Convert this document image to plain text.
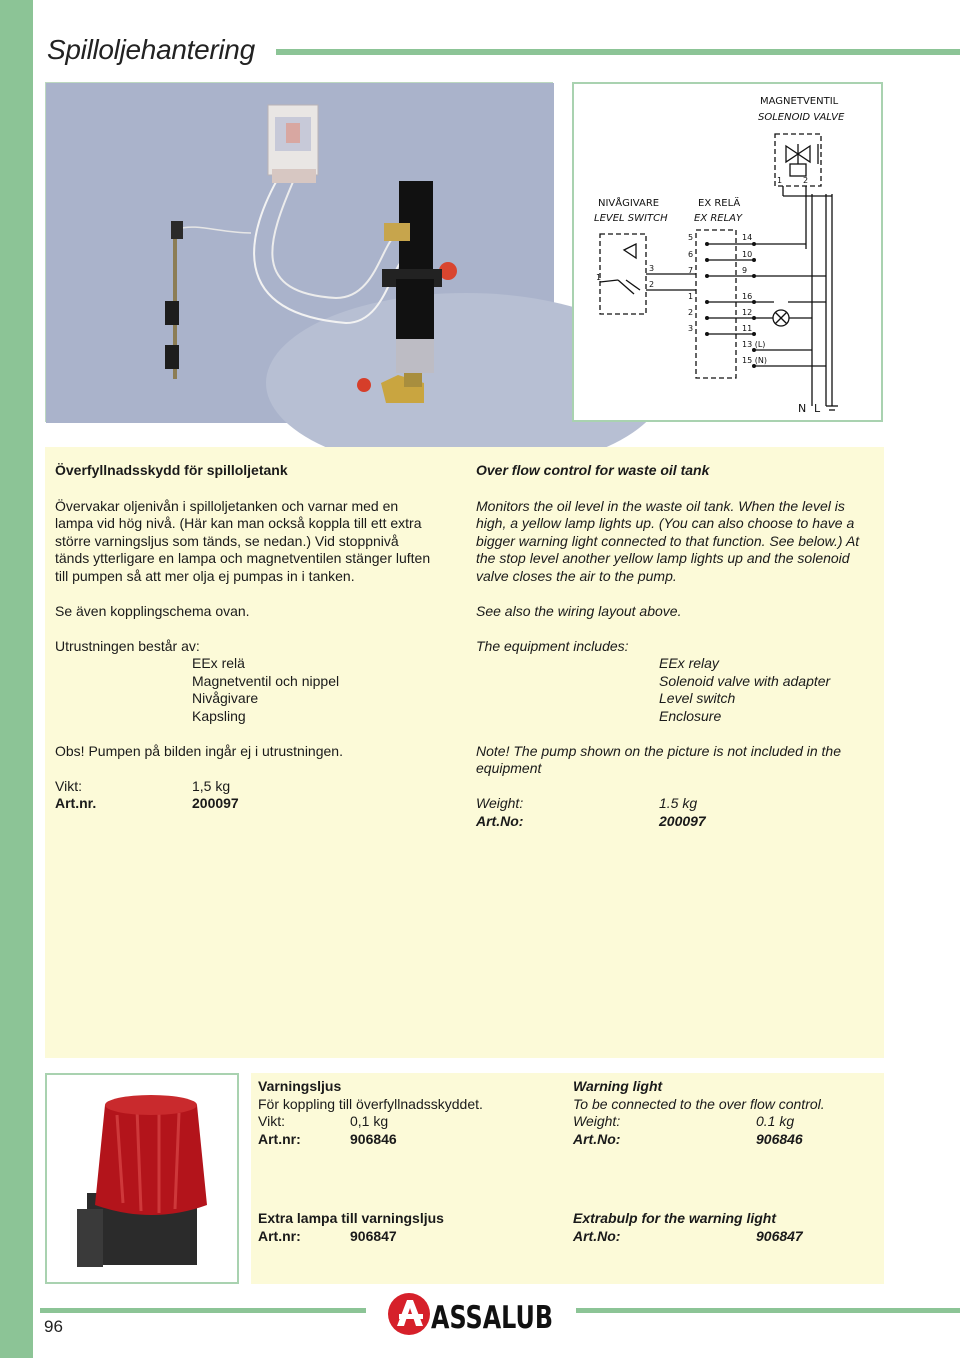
Spilloljehantering
MAGNETVENTIL
SOLENOID VALVE
NIVÅGIVARE
LEVEL SWITCH
EX RELÄ
EX RELAY
1	2
1
3
2
5
6
7
1
2
3
14
10
9
16
12
11
13 (L)
15 (N)
N L
Överfyllnadsskydd för spilloljetank
Övervakar oljenivån i spilloljetanken och varnar med en lampa vid hög nivå. (Här kan man också koppla till ett extra större varningsljus som tänds, se nedan.) Vid stoppnivå tänds ytterligare en lampa och magnetventilen stänger luften till pumpen så att mer olja ej pumpas in i tanken.
Se även kopplingschema ovan.
Utrustningen består av:
EEx relä
Magnetventil och nippel
Nivågivare
Kapsling
Obs! Pumpen på bilden ingår ej i utrustningen.
Vikt:	1,5 kg
Art.nr.	200097
Over flow control for waste oil tank
Monitors the oil level in the waste oil tank. When the level is high, a yellow lamp lights up. (You can also choose to have a bigger warning light connected to that function. See below.) At the stop level another yellow lamp lights up and the solenoid valve closes the air to the pump.
See also the wiring layout above.
The equipment includes:
EEx relay
Solenoid valve with adapter
Level switch
Enclosure
Note! The pump shown on the picture is not included in the equipment
Weight:	1.5 kg
Art.No:	200097
Varningsljus
För koppling till överfyllnadsskyddet.
Vikt:	0,1 kg
Art.nr:	906846
Warning light
To be connected to the over flow control.
Weight:	0.1 kg
Art.No:	906846
Extra lampa till varningsljus
Art.nr:	906847
Extrabulp for the warning light
Art.No:	906847
96	ASSALUB
